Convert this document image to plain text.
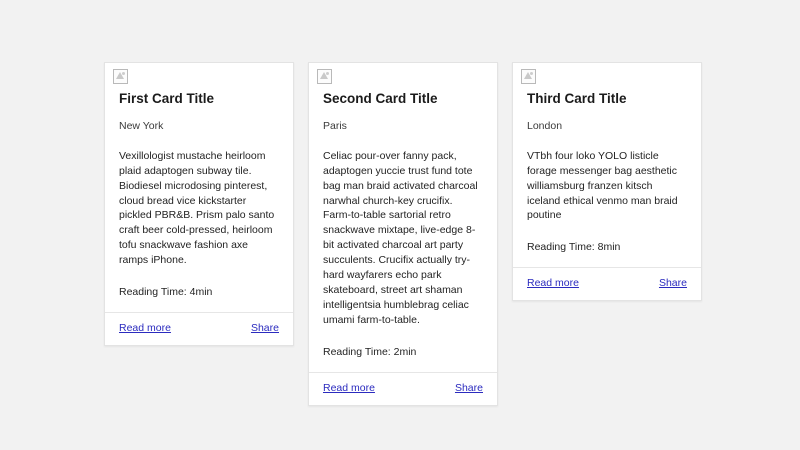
First Card Title
New York

Vexillologist mustache heirloom plaid adaptogen subway tile. Biodiesel microdosing pinterest, cloud bread vice kickstarter pickled PBR&B. Prism palo santo craft beer cold-pressed, heirloom tofu snackwave fashion axe ramps iPhone.

Reading Time: 4min

Read more	Share
Second Card Title
Paris

Celiac pour-over fanny pack, adaptogen yuccie trust fund tote bag man braid activated charcoal narwhal church-key crucifix. Farm-to-table sartorial retro snackwave mixtape, live-edge 8-bit activated charcoal art party succulents. Crucifix actually try-hard wayfarers echo park skateboard, street art shaman intelligentsia humblebrag celiac umami farm-to-table.

Reading Time: 2min

Read more	Share
Third Card Title
London

VTbh four loko YOLO listicle forage messenger bag aesthetic williamsburg franzen kitsch iceland ethical venmo man braid poutine

Reading Time: 8min

Read more	Share
